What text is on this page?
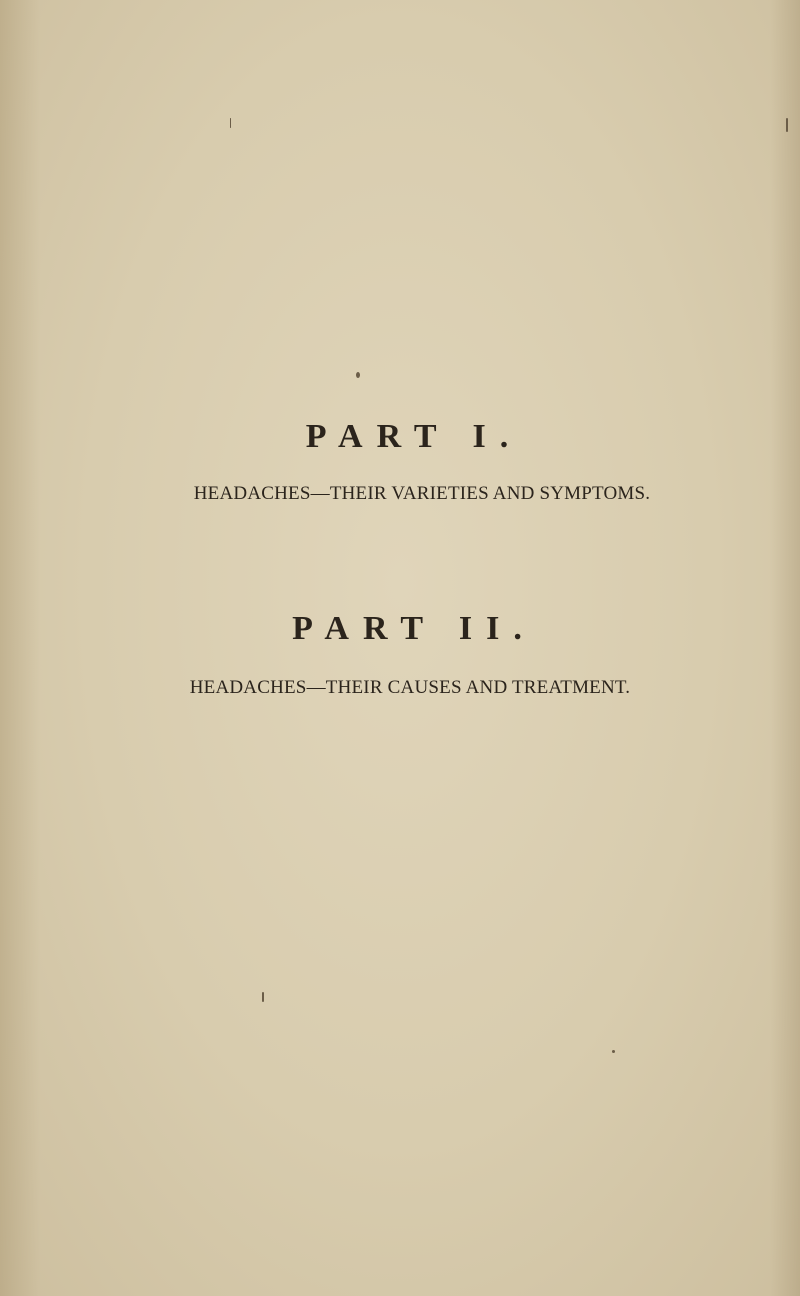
PART I.
HEADACHES—THEIR VARIETIES AND SYMPTOMS.
PART II.
HEADACHES—THEIR CAUSES AND TREATMENT.
